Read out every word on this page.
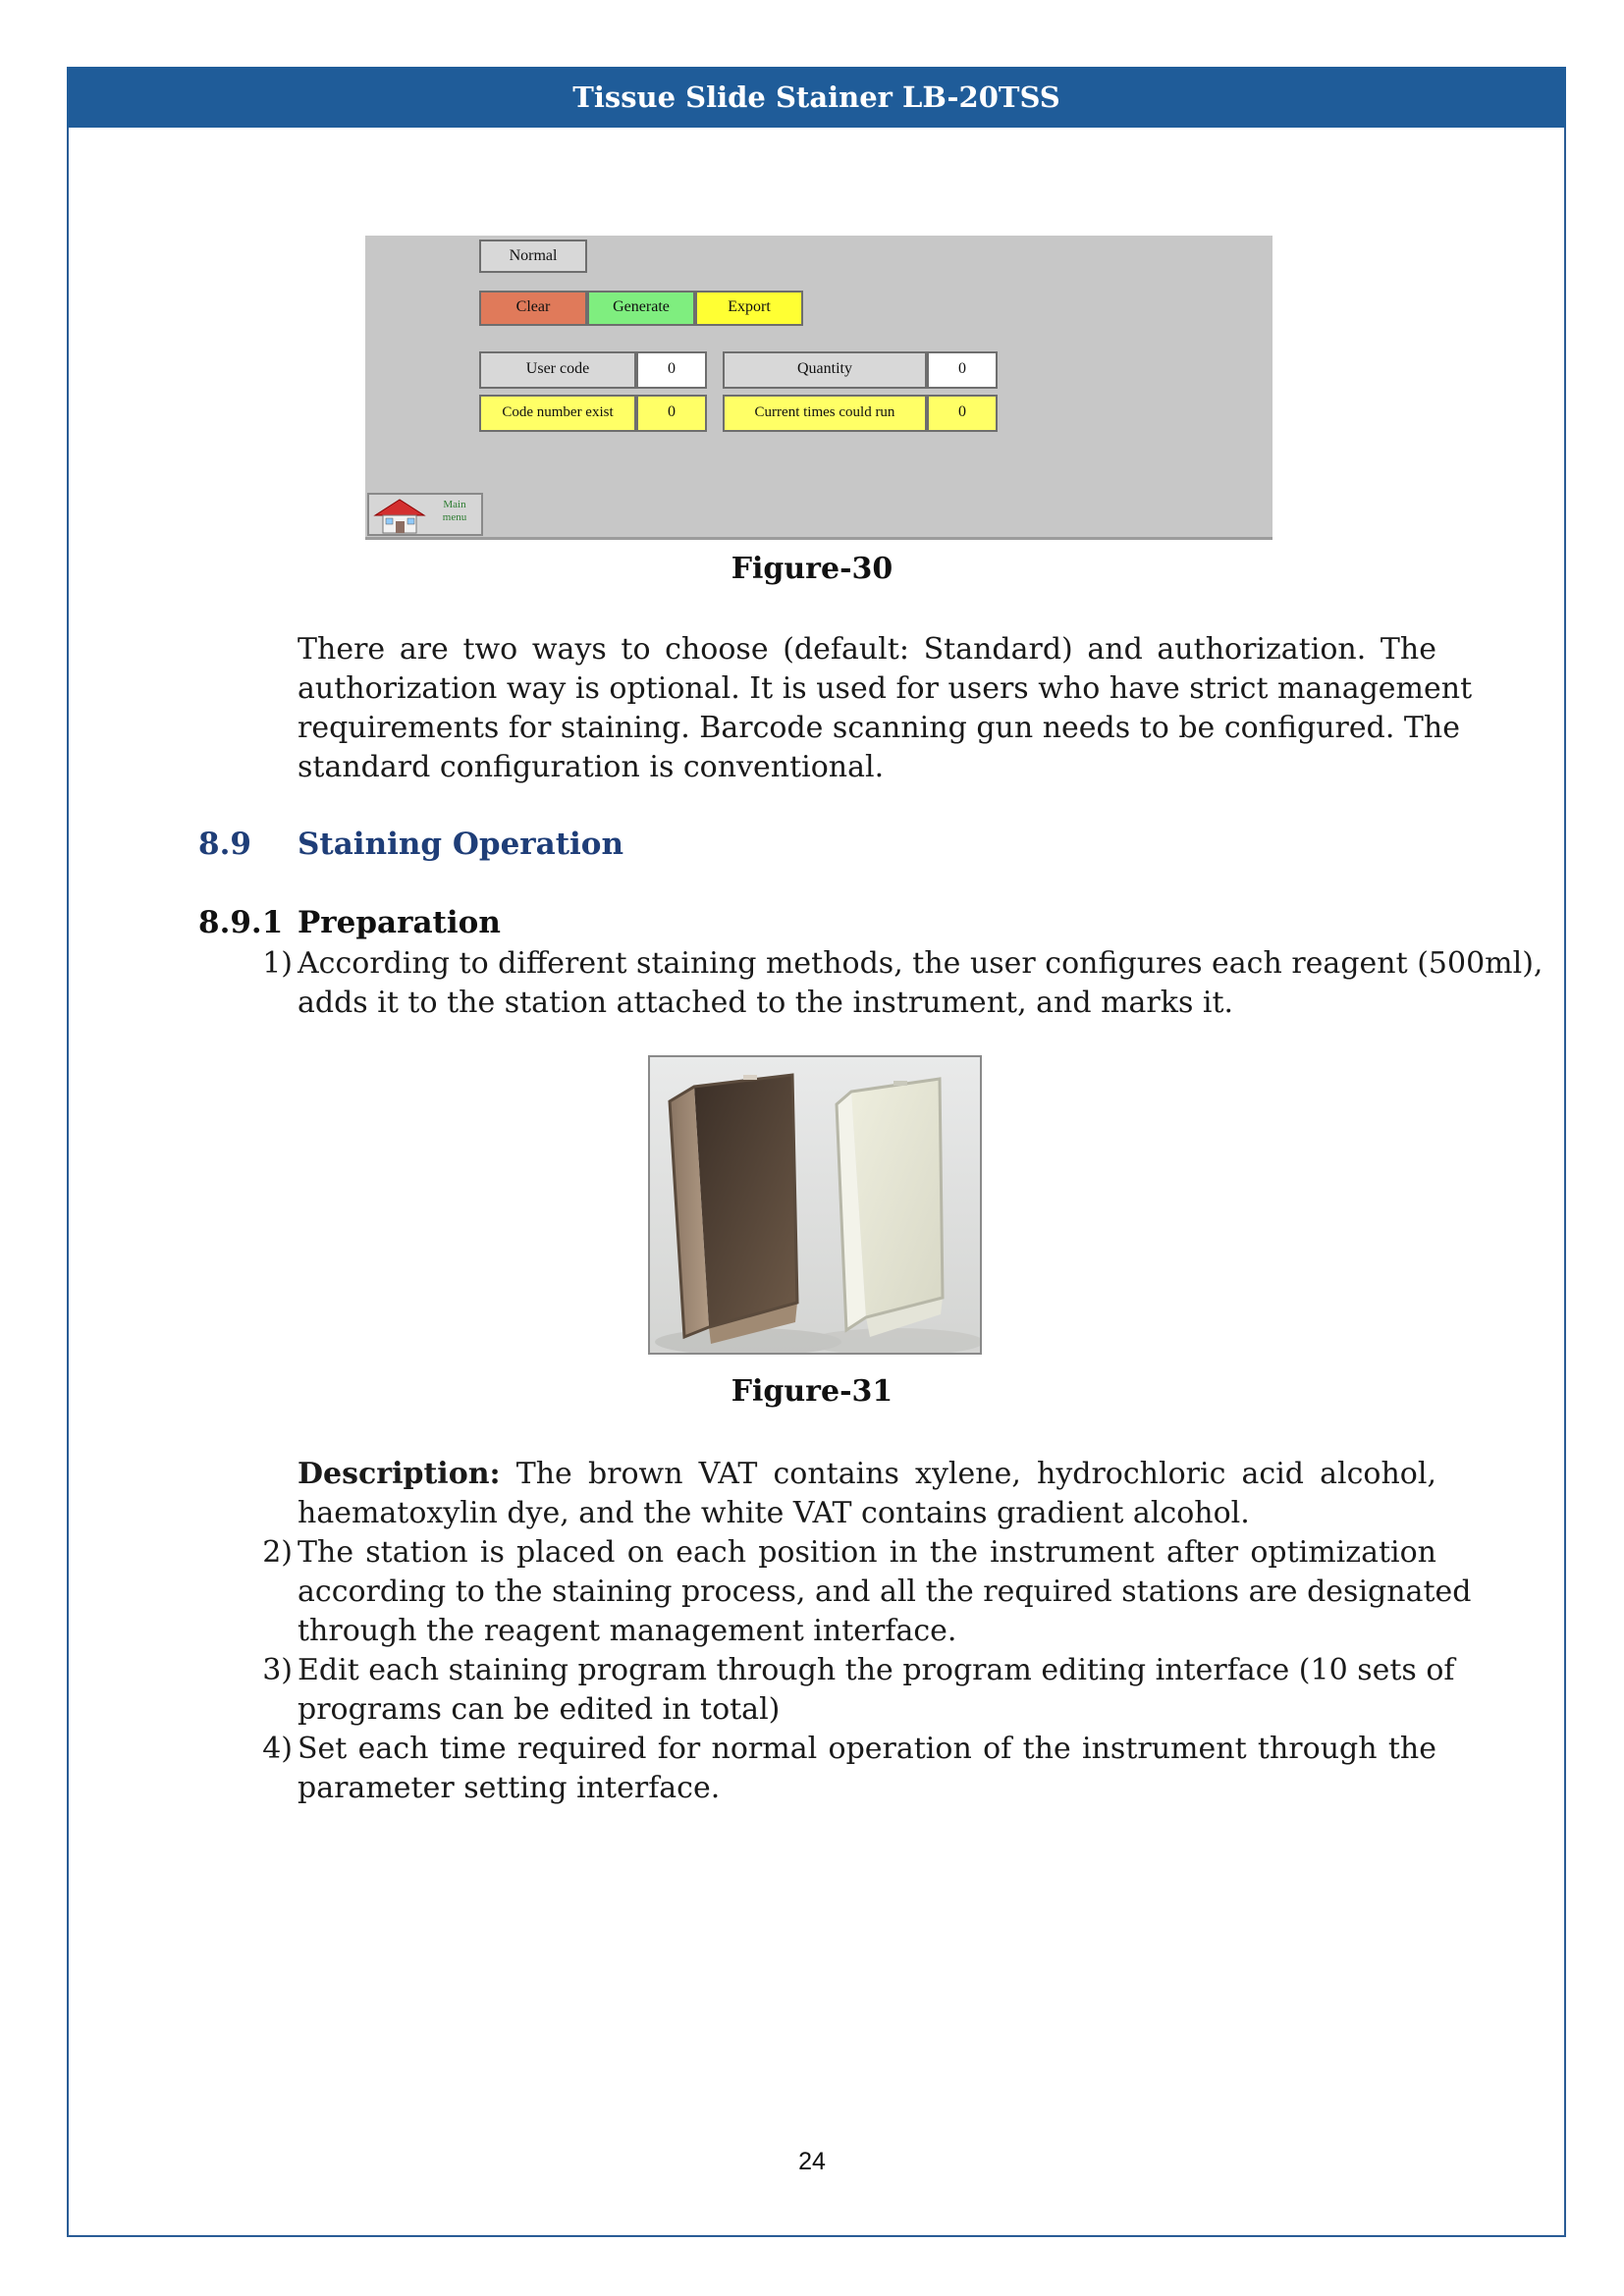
Tissue Slide Stainer LB-20TSS
Normal
Clear	Generate	Export
User code	0	Quantity	0
Code number exist	0	Current times could run	0
Main
menu
Figure-30
There are two ways to choose (default: Standard) and authorization. The
authorization way is optional. It is used for users who have strict management
requirements for staining. Barcode scanning gun needs to be configured. The
standard configuration is conventional.
8.9 Staining Operation
8.9.1 Preparation
1) According to different staining methods, the user configures each reagent (500ml),
adds it to the station attached to the instrument, and marks it.
Figure-31
Description: The brown VAT contains xylene, hydrochloric acid alcohol,
haematoxylin dye, and the white VAT contains gradient alcohol.
2) The station is placed on each position in the instrument after optimization
according to the staining process, and all the required stations are designated
through the reagent management interface.
3) Edit each staining program through the program editing interface (10 sets of
programs can be edited in total)
4) Set each time required for normal operation of the instrument through the
parameter setting interface.
24
